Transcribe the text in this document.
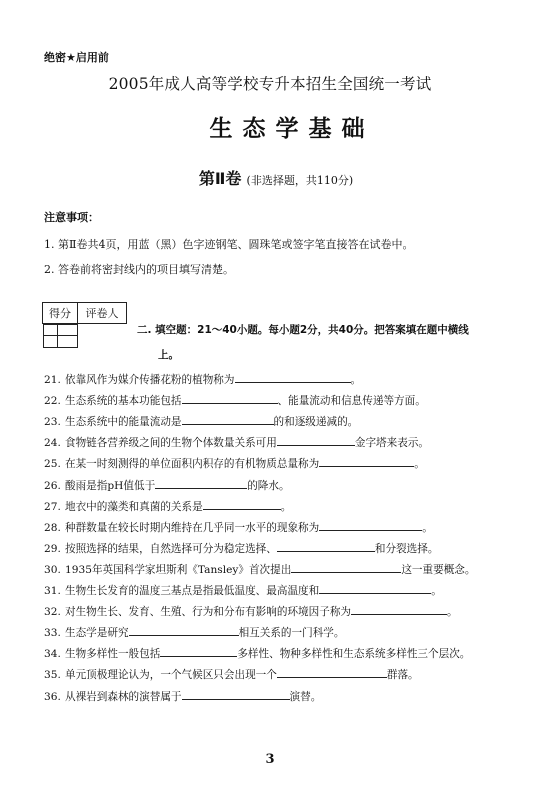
绝密★启用前
2005年成人高等学校专升本招生全国统一考试
生态学基础
第Ⅱ卷 (非选择题，共110分)
注意事项：
1. 第Ⅱ卷共4页，用蓝（黑）色字迹钢笔、圆珠笔或签字笔直接答在试卷中。
2. 答卷前将密封线内的项目填写清楚。
得分	评卷人

二. 填空题：21～40小题。每小题2分，共40分。把答案填在题中横线
上。
21. 依靠风作为媒介传播花粉的植物称为	。
22. 生态系统的基本功能包括	、能量流动和信息传递等方面。
23. 生态系统中的能量流动是	的和逐级递减的。
24. 食物链各营养级之间的生物个体数量关系可用	金字塔来表示。
25. 在某一时刻测得的单位面积内积存的有机物质总量称为	。
26. 酸雨是指pH值低于	的降水。
27. 地衣中的藻类和真菌的关系是	。
28. 种群数量在较长时期内维持在几乎同一水平的现象称为	。
29. 按照选择的结果，自然选择可分为稳定选择、	和分裂选择。
30. 1935年英国科学家坦斯利《Tansley》首次提出	这一重要概念。
31. 生物生长发育的温度三基点是指最低温度、最高温度和	。
32. 对生物生长、发育、生殖、行为和分布有影响的环境因子称为	。
33. 生态学是研究	相互关系的一门科学。
34. 生物多样性一般包括	多样性、物种多样性和生态系统多样性三个层次。
35. 单元顶极理论认为，一个气候区只会出现一个	群落。
36. 从裸岩到森林的演替属于	演替。
3
